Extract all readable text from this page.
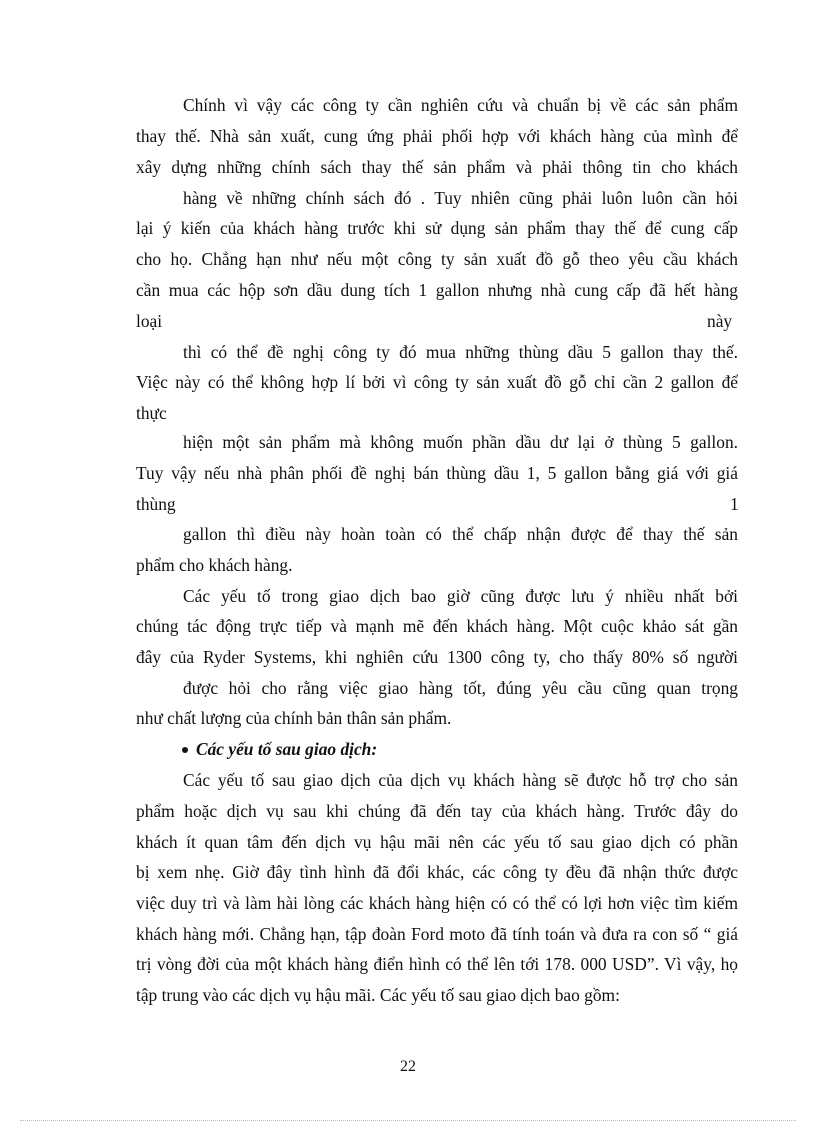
Chính vì vậy các công ty cần nghiên cứu và chuẩn bị về các sản phẩm
thay thế. Nhà sản xuất, cung ứng phải phối hợp với khách hàng của mình để
xây dựng những chính sách thay thế sản phẩm và phải thông tin cho khách
hàng về những chính sách đó . Tuy nhiên cũng phải luôn luôn cần hỏi
lại ý kiến của khách hàng trước khi sử dụng sản phẩm thay thế để cung cấp
cho họ. Chẳng hạn như nếu một công ty sản xuất đồ gỗ theo yêu cầu khách
cần mua các hộp sơn dầu dung tích 1 gallon nhưng nhà cung cấp đã hết hàng
loại	này
thì có thể đề nghị công ty đó mua những thùng dầu 5 gallon thay thế.
Việc này có thể không hợp lí bởi vì công ty sản xuất đồ gỗ chỉ cần 2 gallon để
thực
hiện một sản phẩm mà không muốn phần dầu dư lại ở thùng 5 gallon.
Tuy vậy nếu nhà phân phối đề nghị bán thùng dầu 1, 5 gallon bằng giá với giá
thùng	1
gallon thì điều này hoàn toàn có thể chấp nhận được để thay thế sản
phẩm cho khách hàng.
Các yếu tố trong giao dịch bao giờ cũng được lưu ý nhiều nhất bởi
chúng tác động trực tiếp và mạnh mẽ đến khách hàng. Một cuộc khảo sát gần
đây của Ryder Systems, khi nghiên cứu 1300 công ty, cho thấy 80% số người
được hỏi cho rằng việc giao hàng tốt, đúng yêu cầu cũng quan trọng
như chất lượng của chính bản thân sản phẩm.
Các yếu tố sau giao dịch:
Các yếu tố sau giao dịch của dịch vụ khách hàng sẽ được hỗ trợ cho sản
phẩm hoặc dịch vụ sau khi chúng đã đến tay của khách hàng. Trước đây do
khách ít quan tâm đến dịch vụ hậu mãi nên các yếu tố sau giao dịch có phần
bị xem nhẹ. Giờ đây tình hình đã đổi khác, các công ty đều đã nhận thức được
việc duy trì và làm hài lòng các khách hàng hiện có có thể có lợi hơn việc tìm kiếm
khách hàng mới. Chẳng hạn, tập đoàn Ford moto đã tính toán và đưa ra con số “ giá
trị vòng đời của một khách hàng điển hình có thể lên tới 178. 000 USD”. Vì vậy, họ
tập trung vào các dịch vụ hậu mãi. Các yếu tố sau giao dịch bao gồm:
22
